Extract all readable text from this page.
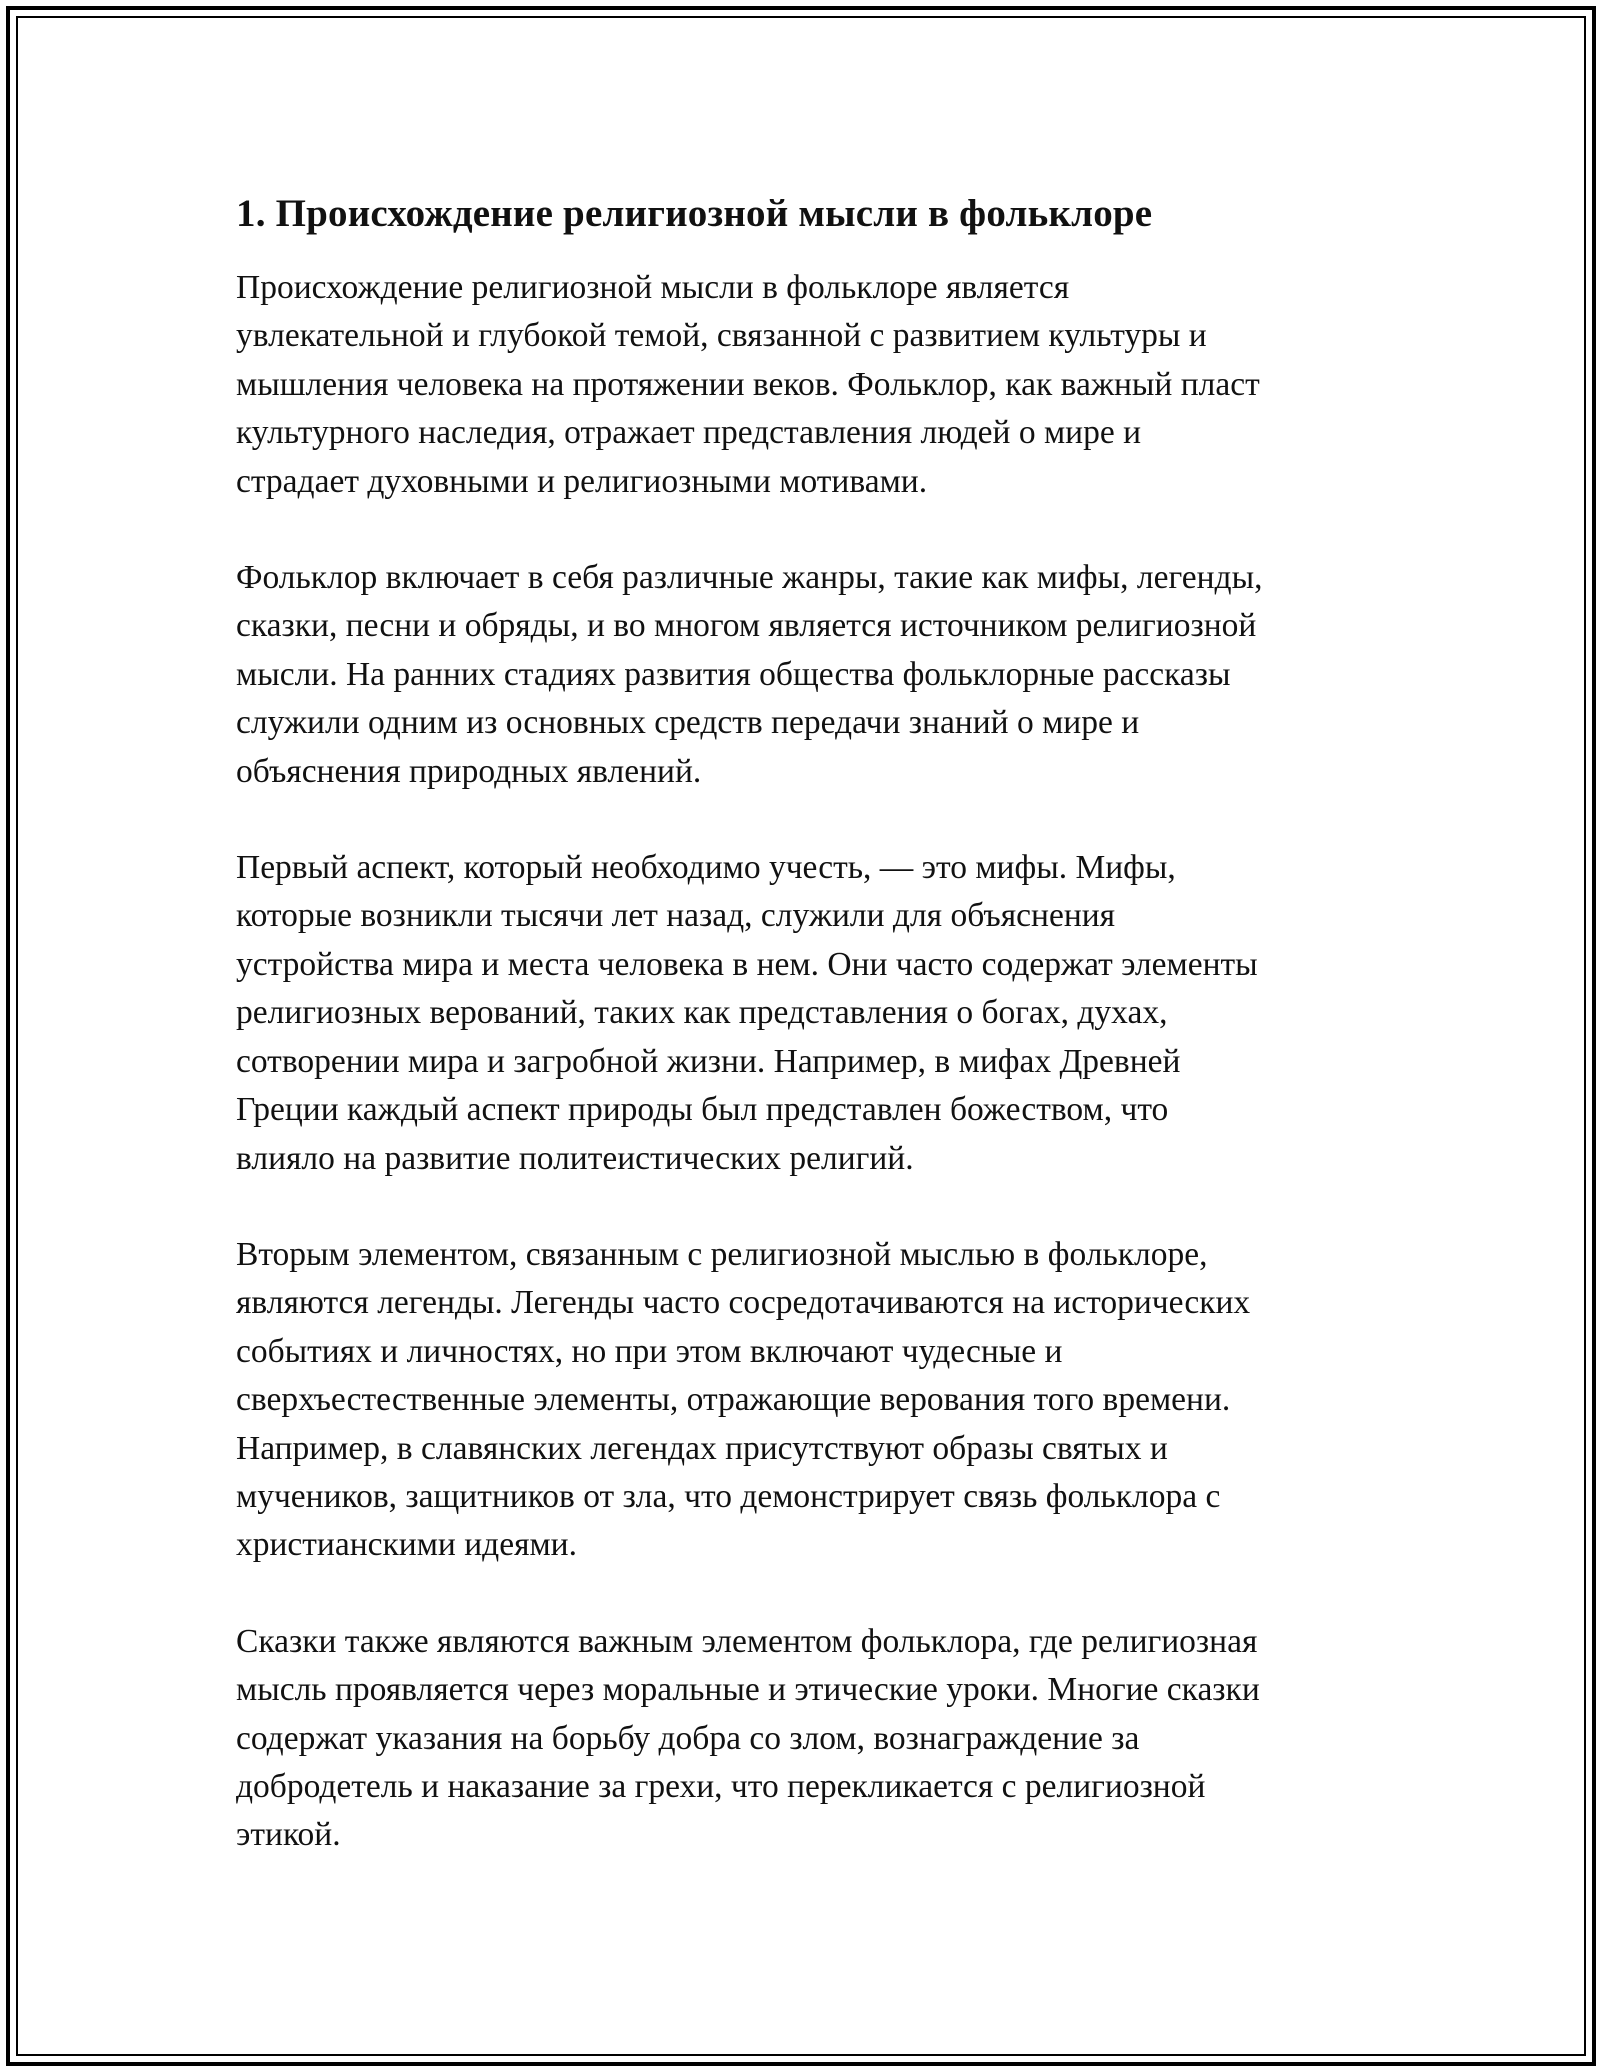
1. Происхождение религиозной мысли в фольклоре

Происхождение религиозной мысли в фольклоре является
увлекательной и глубокой темой, связанной с развитием культуры и
мышления человека на протяжении веков. Фольклор, как важный пласт
культурного наследия, отражает представления людей о мире и
страдает духовными и религиозными мотивами.

Фольклор включает в себя различные жанры, такие как мифы, легенды,
сказки, песни и обряды, и во многом является источником религиозной
мысли. На ранних стадиях развития общества фольклорные рассказы
служили одним из основных средств передачи знаний о мире и
объяснения природных явлений.

Первый аспект, который необходимо учесть, — это мифы. Мифы,
которые возникли тысячи лет назад, служили для объяснения
устройства мира и места человека в нем. Они часто содержат элементы
религиозных верований, таких как представления о богах, духах,
сотворении мира и загробной жизни. Например, в мифах Древней
Греции каждый аспект природы был представлен божеством, что
влияло на развитие политеистических религий.

Вторым элементом, связанным с религиозной мыслью в фольклоре,
являются легенды. Легенды часто сосредотачиваются на исторических
событиях и личностях, но при этом включают чудесные и
сверхъестественные элементы, отражающие верования того времени.
Например, в славянских легендах присутствуют образы святых и
мучеников, защитников от зла, что демонстрирует связь фольклора с
христианскими идеями.

Сказки также являются важным элементом фольклора, где религиозная
мысль проявляется через моральные и этические уроки. Многие сказки
содержат указания на борьбу добра со злом, вознаграждение за
добродетель и наказание за грехи, что перекликается с религиозной
этикой.
